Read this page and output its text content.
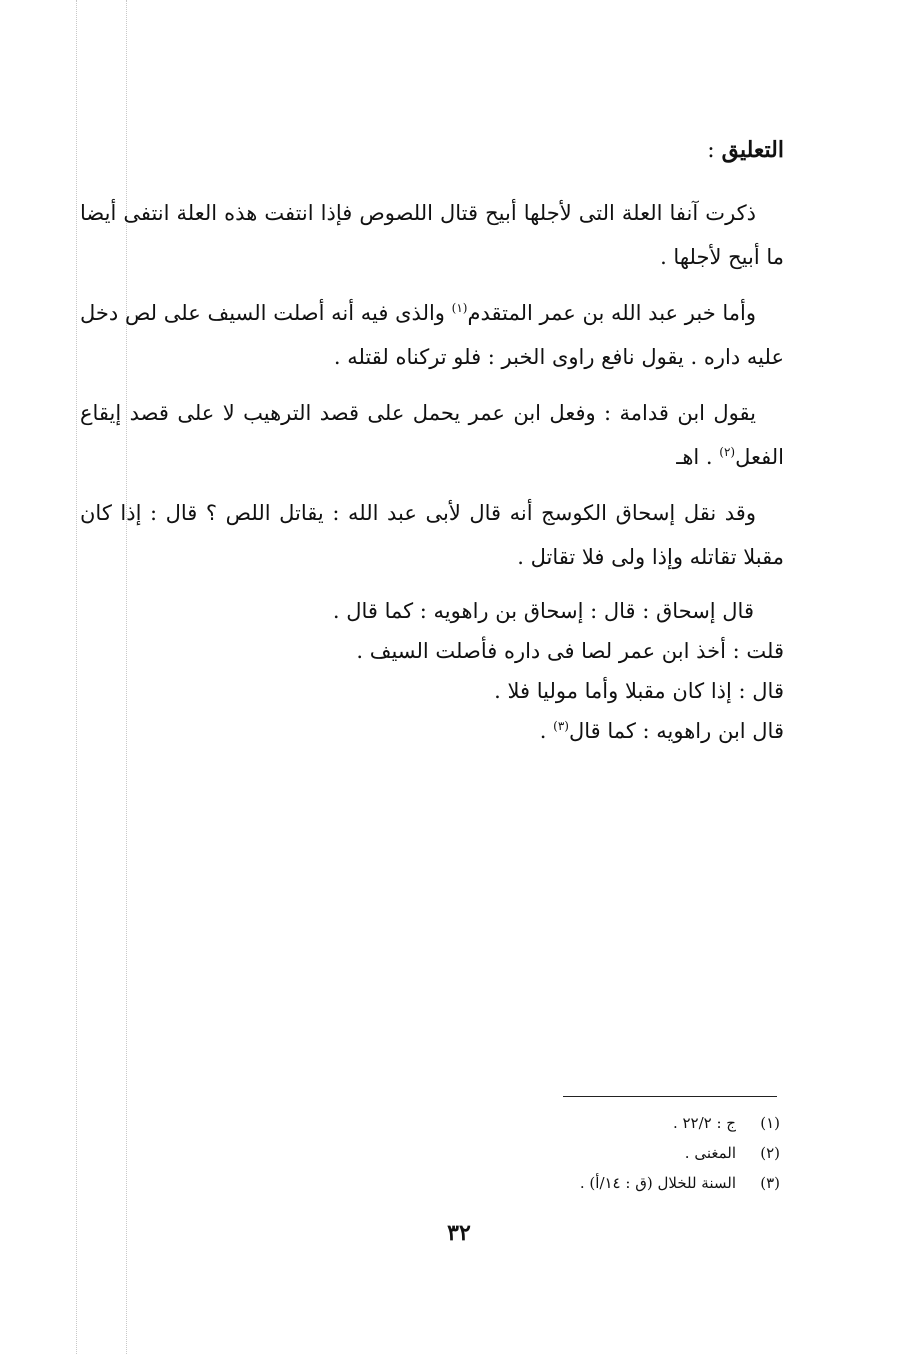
التعليق :

ذكرت آنفا العلة التى لأجلها أبيح قتال اللصوص فإذا انتفت هذه العلة انتفى أيضا ما أبيح لأجلها .

وأما خبر عبد الله بن عمر المتقدم$^{(١)}$ والذى فيه أنه أصلت السيف على لص دخل عليه داره . يقول نافع راوى الخبر : فلو تركناه لقتله .

يقول ابن قدامة : وفعل ابن عمر يحمل على قصد الترهيب لا على قصد إيقاع الفعل$^{(٢)}$ . اهـ

وقد نقل إسحاق الكوسج أنه قال لأبى عبد الله : يقاتل اللص ؟ قال : إذا كان مقبلا تقاتله وإذا ولى فلا تقاتل .

قال إسحاق : قال : إسحاق بن راهويه : كما قال .
قلت : أخذ ابن عمر لصا فى داره فأصلت السيف .
قال : إذا كان مقبلا وأما موليا فلا .
قال ابن راهويه : كما قال$^{(٣)}$ .
(١)ج : ٢٢/٢ .
(٢)المغنى .
(٣)السنة للخلال (ق : ١٤/أ) .
٣٢
